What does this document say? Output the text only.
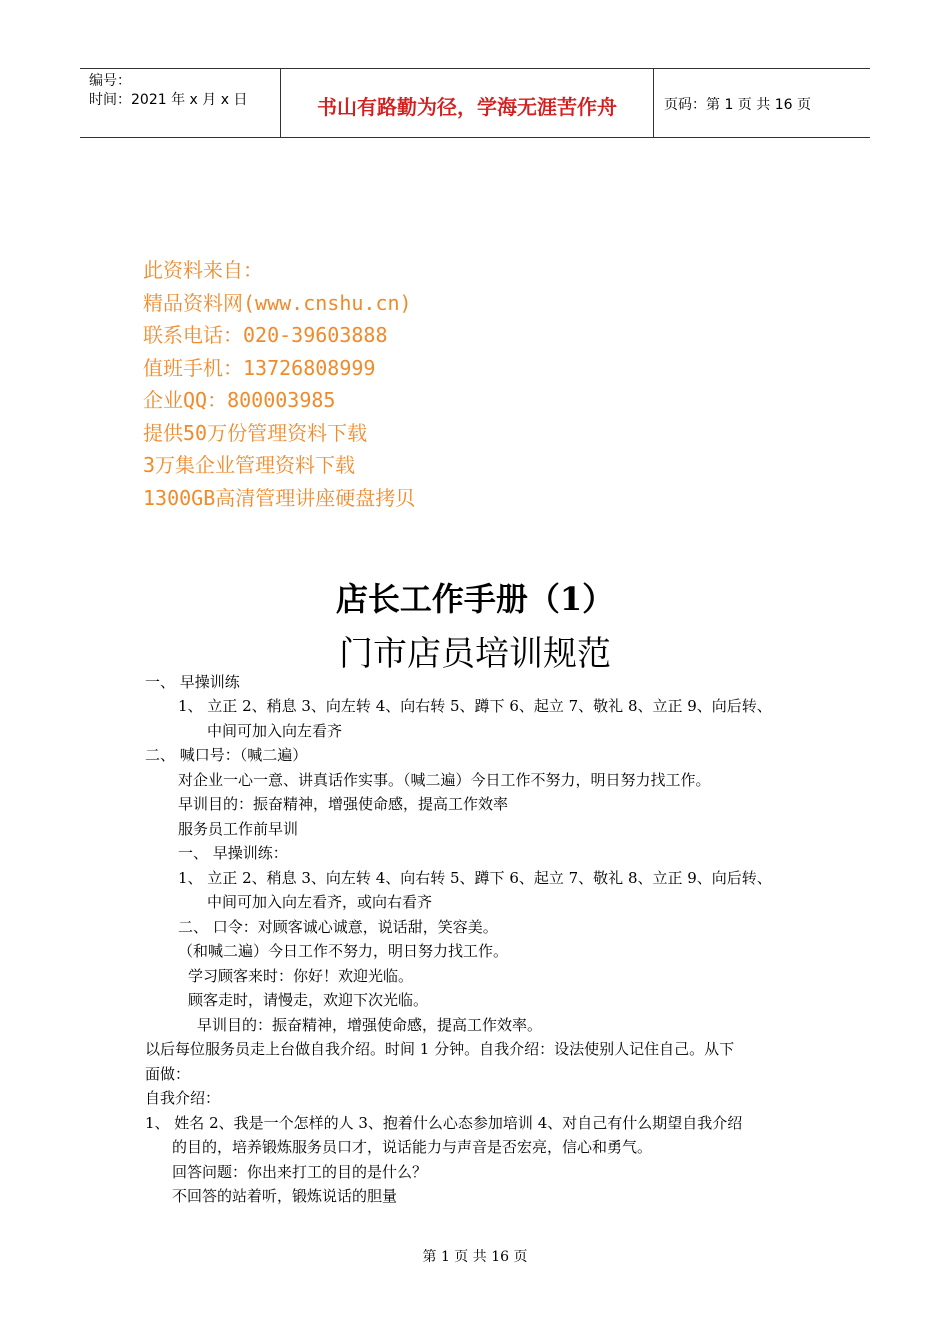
编号：
时间：2021 年 x 月 x 日	书山有路勤为径，学海无涯苦作舟	页码：第 1 页 共 16 页
此资料来自：
精品资料网(www.cnshu.cn)
联系电话：020-39603888
值班手机：13726808999
企业QQ：800003985
提供50万份管理资料下载
3万集企业管理资料下载
1300GB高清管理讲座硬盘拷贝
店长工作手册（1）
门市店员培训规范
一、 早操训练
1、 立正 2、稍息 3、向左转 4、向右转 5、蹲下 6、起立 7、敬礼 8、立正 9、向后转、
中间可加入向左看齐
二、 喊口号：（喊二遍）
对企业一心一意、讲真话作实事。（喊二遍）今日工作不努力，明日努力找工作。
早训目的：振奋精神，增强使命感，提高工作效率
服务员工作前早训
一、 早操训练：
1、 立正 2、稍息 3、向左转 4、向右转 5、蹲下 6、起立 7、敬礼 8、立正 9、向后转、
中间可加入向左看齐，或向右看齐
二、 口令：对顾客诚心诚意，说话甜，笑容美。
（和喊二遍）今日工作不努力，明日努力找工作。
学习顾客来时：你好！欢迎光临。
顾客走时，请慢走，欢迎下次光临。
早训目的：振奋精神，增强使命感，提高工作效率。
以后每位服务员走上台做自我介绍。时间 1 分钟。自我介绍：设法使别人记住自己。从下
面做：
自我介绍：
1、 姓名 2、我是一个怎样的人 3、抱着什么心态参加培训 4、对自己有什么期望自我介绍
的目的，培养锻炼服务员口才，说话能力与声音是否宏亮，信心和勇气。
回答问题：你出来打工的目的是什么？
不回答的站着听，锻炼说话的胆量
第 1 页 共 16 页
